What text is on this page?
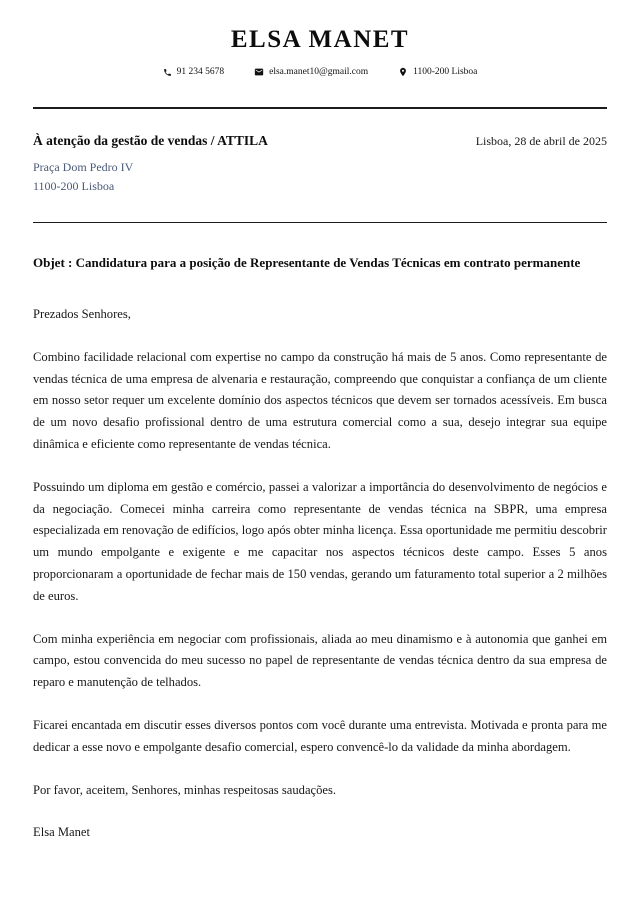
ELSA MANET
91 234 5678	elsa.manet10@gmail.com	1100-200 Lisboa
À atenção da gestão de vendas / ATTILA	Lisboa, 28 de abril de 2025
Praça Dom Pedro IV
1100-200 Lisboa
Objet : Candidatura para a posição de Representante de Vendas Técnicas em contrato permanente

Prezados Senhores,

Combino facilidade relacional com expertise no campo da construção há mais de 5 anos. Como representante de vendas técnica de uma empresa de alvenaria e restauração, compreendo que conquistar a confiança de um cliente em nosso setor requer um excelente domínio dos aspectos técnicos que devem ser tornados acessíveis. Em busca de um novo desafio profissional dentro de uma estrutura comercial como a sua, desejo integrar sua equipe dinâmica e eficiente como representante de vendas técnica.

Possuindo um diploma em gestão e comércio, passei a valorizar a importância do desenvolvimento de negócios e da negociação. Comecei minha carreira como representante de vendas técnica na SBPR, uma empresa especializada em renovação de edifícios, logo após obter minha licença. Essa oportunidade me permitiu descobrir um mundo empolgante e exigente e me capacitar nos aspectos técnicos deste campo. Esses 5 anos proporcionaram a oportunidade de fechar mais de 150 vendas, gerando um faturamento total superior a 2 milhões de euros.

Com minha experiência em negociar com profissionais, aliada ao meu dinamismo e à autonomia que ganhei em campo, estou convencida do meu sucesso no papel de representante de vendas técnica dentro da sua empresa de reparo e manutenção de telhados.

Ficarei encantada em discutir esses diversos pontos com você durante uma entrevista. Motivada e pronta para me dedicar a esse novo e empolgante desafio comercial, espero convencê-lo da validade da minha abordagem.

Por favor, aceitem, Senhores, minhas respeitosas saudações.

Elsa Manet
